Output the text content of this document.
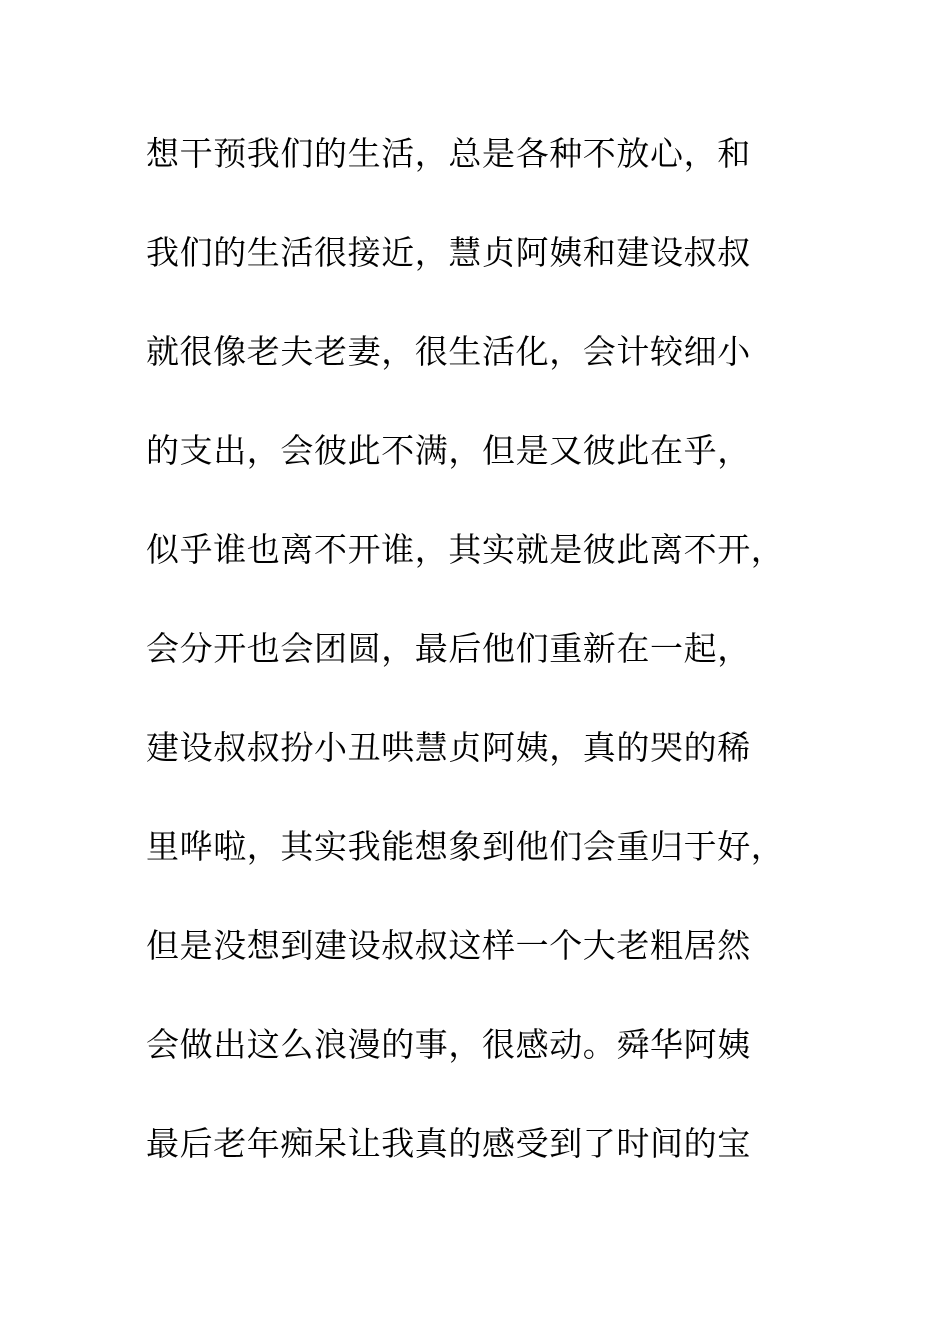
想干预我们的生活，总是各种不放心，和
我们的生活很接近，慧贞阿姨和建设叔叔
就很像老夫老妻，很生活化，会计较细小
的支出，会彼此不满，但是又彼此在乎，
似乎谁也离不开谁，其实就是彼此离不开，
会分开也会团圆，最后他们重新在一起，
建设叔叔扮小丑哄慧贞阿姨，真的哭的稀
里哗啦，其实我能想象到他们会重归于好，
但是没想到建设叔叔这样一个大老粗居然
会做出这么浪漫的事，很感动。舜华阿姨
最后老年痴呆让我真的感受到了时间的宝
